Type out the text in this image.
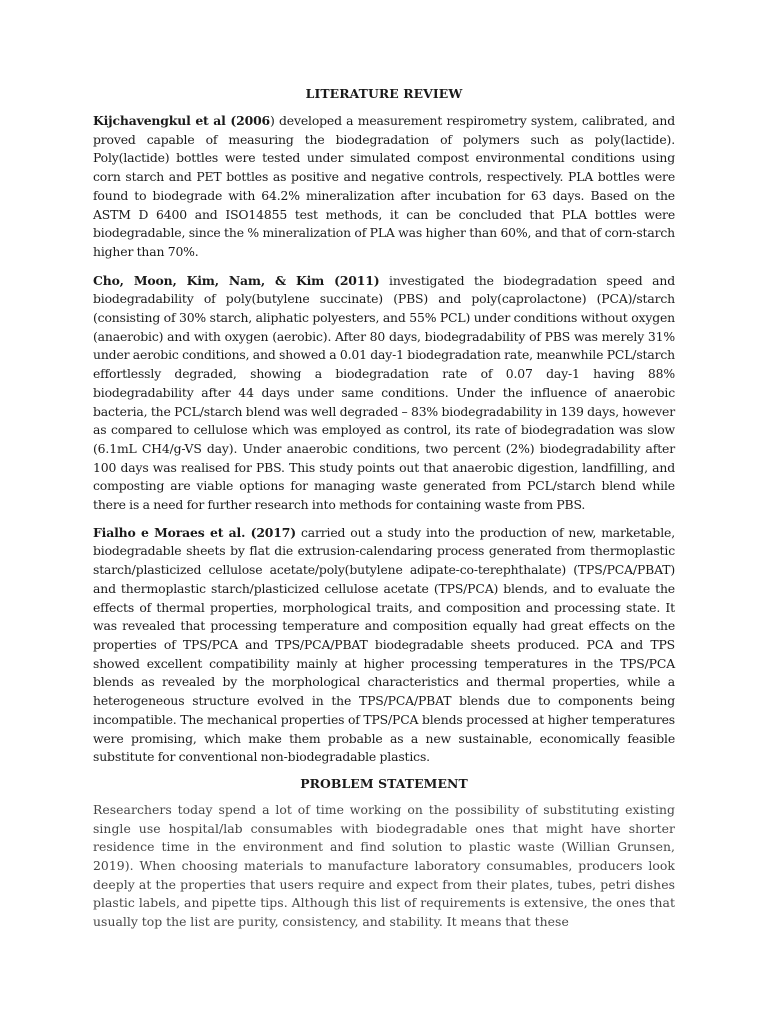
LITERATURE REVIEW

Kijchavengkul et al (2006) developed a measurement respirometry system, calibrated, and proved capable of measuring the biodegradation of polymers such as poly(lactide). Poly(lactide) bottles were tested under simulated compost environmental conditions using corn starch and PET bottles as positive and negative controls, respectively. PLA bottles were found to biodegrade with 64.2% mineralization after incubation for 63 days. Based on the ASTM D 6400 and ISO14855 test methods, it can be concluded that PLA bottles were biodegradable, since the % mineralization of PLA was higher than 60%, and that of corn-starch higher than 70%.

Cho, Moon, Kim, Nam, & Kim (2011) investigated the biodegradation speed and biodegradability of poly(butylene succinate) (PBS) and poly(caprolactone) (PCA)/starch (consisting of 30% starch, aliphatic polyesters, and 55% PCL) under conditions without oxygen (anaerobic) and with oxygen (aerobic). After 80 days, biodegradability of PBS was merely 31% under aerobic conditions, and showed a 0.01 day-1 biodegradation rate, meanwhile PCL/starch effortlessly degraded, showing a biodegradation rate of 0.07 day-1 having 88% biodegradability after 44 days under same conditions. Under the influence of anaerobic bacteria, the PCL/starch blend was well degraded – 83% biodegradability in 139 days, however as compared to cellulose which was employed as control, its rate of biodegradation was slow (6.1mL CH4/g-VS day). Under anaerobic conditions, two percent (2%) biodegradability after 100 days was realised for PBS. This study points out that anaerobic digestion, landfilling, and composting are viable options for managing waste generated from PCL/starch blend while there is a need for further research into methods for containing waste from PBS.

Fialho e Moraes et al. (2017) carried out a study into the production of new, marketable, biodegradable sheets by flat die extrusion-calendaring process generated from thermoplastic starch/plasticized cellulose acetate/poly(butylene adipate-co-terephthalate) (TPS/PCA/PBAT) and thermoplastic starch/plasticized cellulose acetate (TPS/PCA) blends, and to evaluate the effects of thermal properties, morphological traits, and composition and processing state. It was revealed that processing temperature and composition equally had great effects on the properties of TPS/PCA and TPS/PCA/PBAT biodegradable sheets produced. PCA and TPS showed excellent compatibility mainly at higher processing temperatures in the TPS/PCA blends as revealed by the morphological characteristics and thermal properties, while a heterogeneous structure evolved in the TPS/PCA/PBAT blends due to components being incompatible. The mechanical properties of TPS/PCA blends processed at higher temperatures were promising, which make them probable as a new sustainable, economically feasible substitute for conventional non-biodegradable plastics.

PROBLEM STATEMENT

Researchers today spend a lot of time working on the possibility of substituting existing single use hospital/lab consumables with biodegradable ones that might have shorter residence time in the environment and find solution to plastic waste (Willian Grunsen, 2019). When choosing materials to manufacture laboratory consumables, producers look deeply at the properties that users require and expect from their plates, tubes, petri dishes plastic labels, and pipette tips. Although this list of requirements is extensive, the ones that usually top the list are purity, consistency, and stability. It means that these
